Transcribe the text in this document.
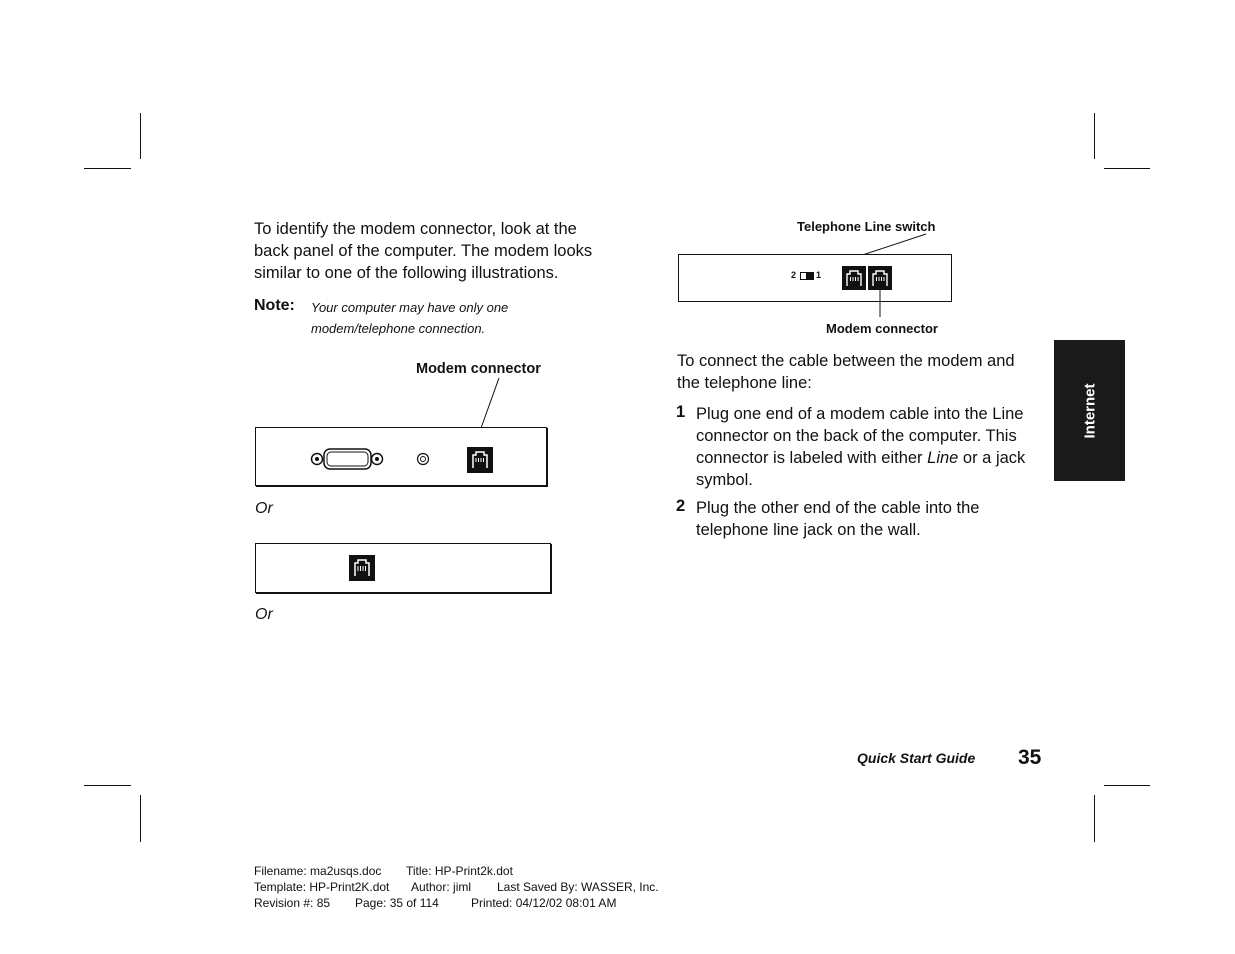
To identify the modem connector, look at the back panel of the computer. The modem looks similar to one of the following illustrations.
Note: Your computer may have only one
modem/telephone connection.
Modem connector
Or
Or
Telephone Line switch
2 1
Modem connector
To connect the cable between the modem and the telephone line:
1 Plug one end of a modem cable into the Line connector on the back of the computer. This connector is labeled with either Line or a jack symbol.
2 Plug the other end of the cable into the telephone line jack on the wall.
Internet
Quick Start Guide 35
Filename: ma2usqs.doc Title: HP-Print2k.dot
Template: HP-Print2K.dot Author: jiml Last Saved By: WASSER, Inc.
Revision #: 85 Page: 35 of 114	Printed: 04/12/02 08:01 AM
